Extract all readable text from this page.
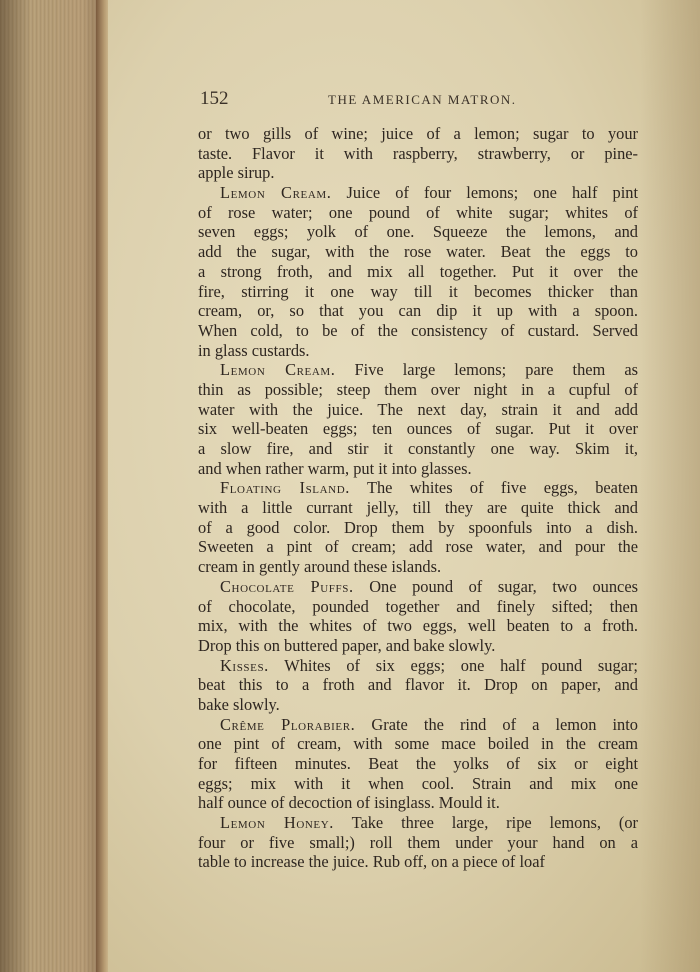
152	THE AMERICAN MATRON.
or two gills of wine; juice of a lemon; sugar to your
taste. Flavor it with raspberry, strawberry, or pine-
apple sirup.
Lemon Cream. Juice of four lemons; one half pint
of rose water; one pound of white sugar; whites of
seven eggs; yolk of one. Squeeze the lemons, and
add the sugar, with the rose water. Beat the eggs to
a strong froth, and mix all together. Put it over the
fire, stirring it one way till it becomes thicker than
cream, or, so that you can dip it up with a spoon.
When cold, to be of the consistency of custard. Served
in glass custards.
Lemon Cream. Five large lemons; pare them as
thin as possible; steep them over night in a cupful of
water with the juice. The next day, strain it and add
six well-beaten eggs; ten ounces of sugar. Put it over
a slow fire, and stir it constantly one way. Skim it,
and when rather warm, put it into glasses.
Floating Island. The whites of five eggs, beaten
with a little currant jelly, till they are quite thick and
of a good color. Drop them by spoonfuls into a dish.
Sweeten a pint of cream; add rose water, and pour the
cream in gently around these islands.
Chocolate Puffs. One pound of sugar, two ounces
of chocolate, pounded together and finely sifted; then
mix, with the whites of two eggs, well beaten to a froth.
Drop this on buttered paper, and bake slowly.
Kisses. Whites of six eggs; one half pound sugar;
beat this to a froth and flavor it. Drop on paper, and
bake slowly.
Crême Plorabier. Grate the rind of a lemon into
one pint of cream, with some mace boiled in the cream
for fifteen minutes. Beat the yolks of six or eight
eggs; mix with it when cool. Strain and mix one
half ounce of decoction of isinglass. Mould it.
Lemon Honey. Take three large, ripe lemons, (or
four or five small;) roll them under your hand on a
table to increase the juice. Rub off, on a piece of loaf
